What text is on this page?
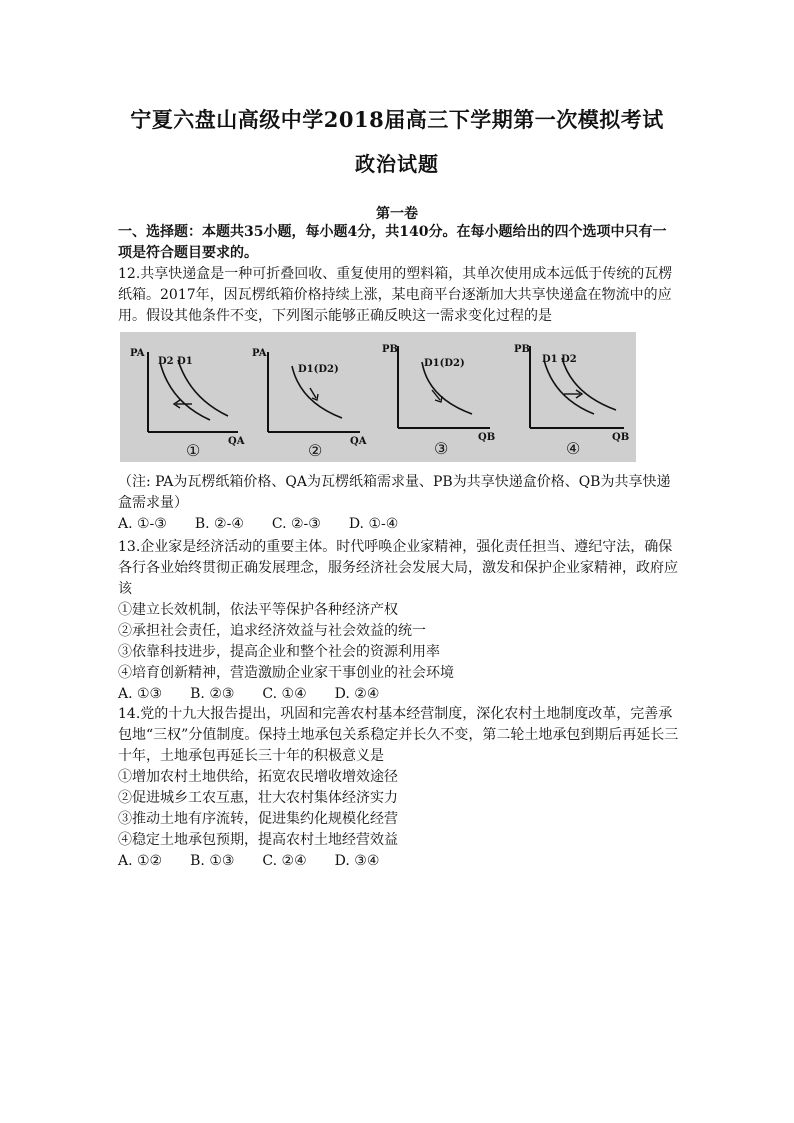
宁夏六盘山高级中学2018届高三下学期第一次模拟考试
政治试题
第一卷
一、选择题：本题共35小题，每小题4分，共140分。在每小题给出的四个选项中只有一项是符合题目要求的。
12.共享快递盒是一种可折叠回收、重复使用的塑料箱，其单次使用成本远低于传统的瓦楞纸箱。2017年，因瓦楞纸箱价格持续上涨，某电商平台逐渐加大共享快递盒在物流中的应用。假设其他条件不变，下列图示能够正确反映这一需求变化过程的是
PA
D2 D1
QA
①
PA
D1(D2)
QA
②
PB
D1(D2)
QB
③
PB
D1 D2
QB
④
（注: PA为瓦楞纸箱价格、QA为瓦楞纸箱需求量、PB为共享快递盒价格、QB为共享快递盒需求量）
A. ①-③ B. ②-④ C. ②-③ D. ①-④
13.企业家是经济活动的重要主体。时代呼唤企业家精神，强化责任担当、遵纪守法，确保各行各业始终贯彻正确发展理念，服务经济社会发展大局，激发和保护企业家精神，政府应该
①建立长效机制，依法平等保护各种经济产权
②承担社会责任，追求经济效益与社会效益的统一
③依靠科技进步，提高企业和整个社会的资源利用率
④培育创新精神，营造激励企业家干事创业的社会环境
A. ①③ B. ②③ C. ①④ D. ②④
14.党的十九大报告提出，巩固和完善农村基本经营制度，深化农村土地制度改革，完善承包地“三权”分值制度。保持土地承包关系稳定并长久不变，第二轮土地承包到期后再延长三十年，土地承包再延长三十年的积极意义是
①增加农村土地供给，拓宽农民增收增效途径
②促进城乡工农互惠，壮大农村集体经济实力
③推动土地有序流转，促进集约化规模化经营
④稳定土地承包预期，提高农村土地经营效益
A. ①② B. ①③ C. ②④ D. ③④
